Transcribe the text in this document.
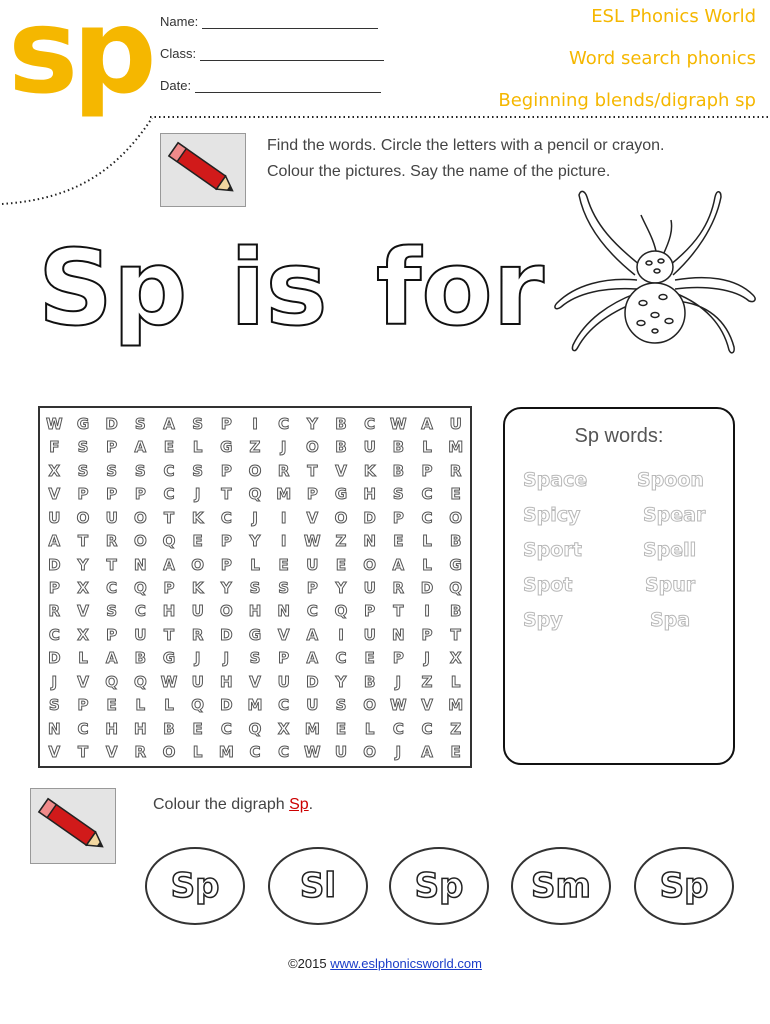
sp Name:
Class:
Date:
ESL Phonics World
Word search phonics
Beginning blends/digraph sp
Find the words. Circle the letters with a pencil or crayon.
Colour the pictures. Say the name of the picture.
Sp is for
W G	D	S	A	S	P	I	C	Y	B	C W A	U
F	S	P	A	E	L	G	Z	J	O	B	U	B	L	M
X	S	S	S	C	S	P	O	R	T	V	K	B	P	R
V	P	P	P	C	J	T	Q M	P	G	H	S	C	E
U	O	U	O	T	K	C	J	I	V	O	D	P	C	O
A	T	R	O	Q	E	P	Y	I	W Z	N	E	L	B
D	Y	T	N	A	O	P	L	E	U	E	O	A	L	G
P	X	C	Q	P	K	Y	S	S	P	Y	U	R	D	Q
R	V	S	C	H	U	O	H	N	C	Q	P	T	I	B
C	X	P	U	T	R	D	G	V	A	I	U	N	P	T
D	L	A	B	G	J	J	S	P	A	C	E	P	J	X
J	V	Q	Q W U	H	V	U	D	Y	B	J	Z	L
S	P	E	L	L	Q	D M	C	U	S	O W V	M
N	C	H	H	B	E	C	Q	X	M	E	L	C	C	Z
V	T	V	R	O	L	M	C	C W U	O	J	A	E
Sp words:
Space	Spoon
Spicy	Spear
Sport	Spell
Spot	Spur
Spy	Spa
Colour the digraph Sp.
Sp	Sl	Sp	Sm	Sp
©2015 www.eslphonicsworld.com
